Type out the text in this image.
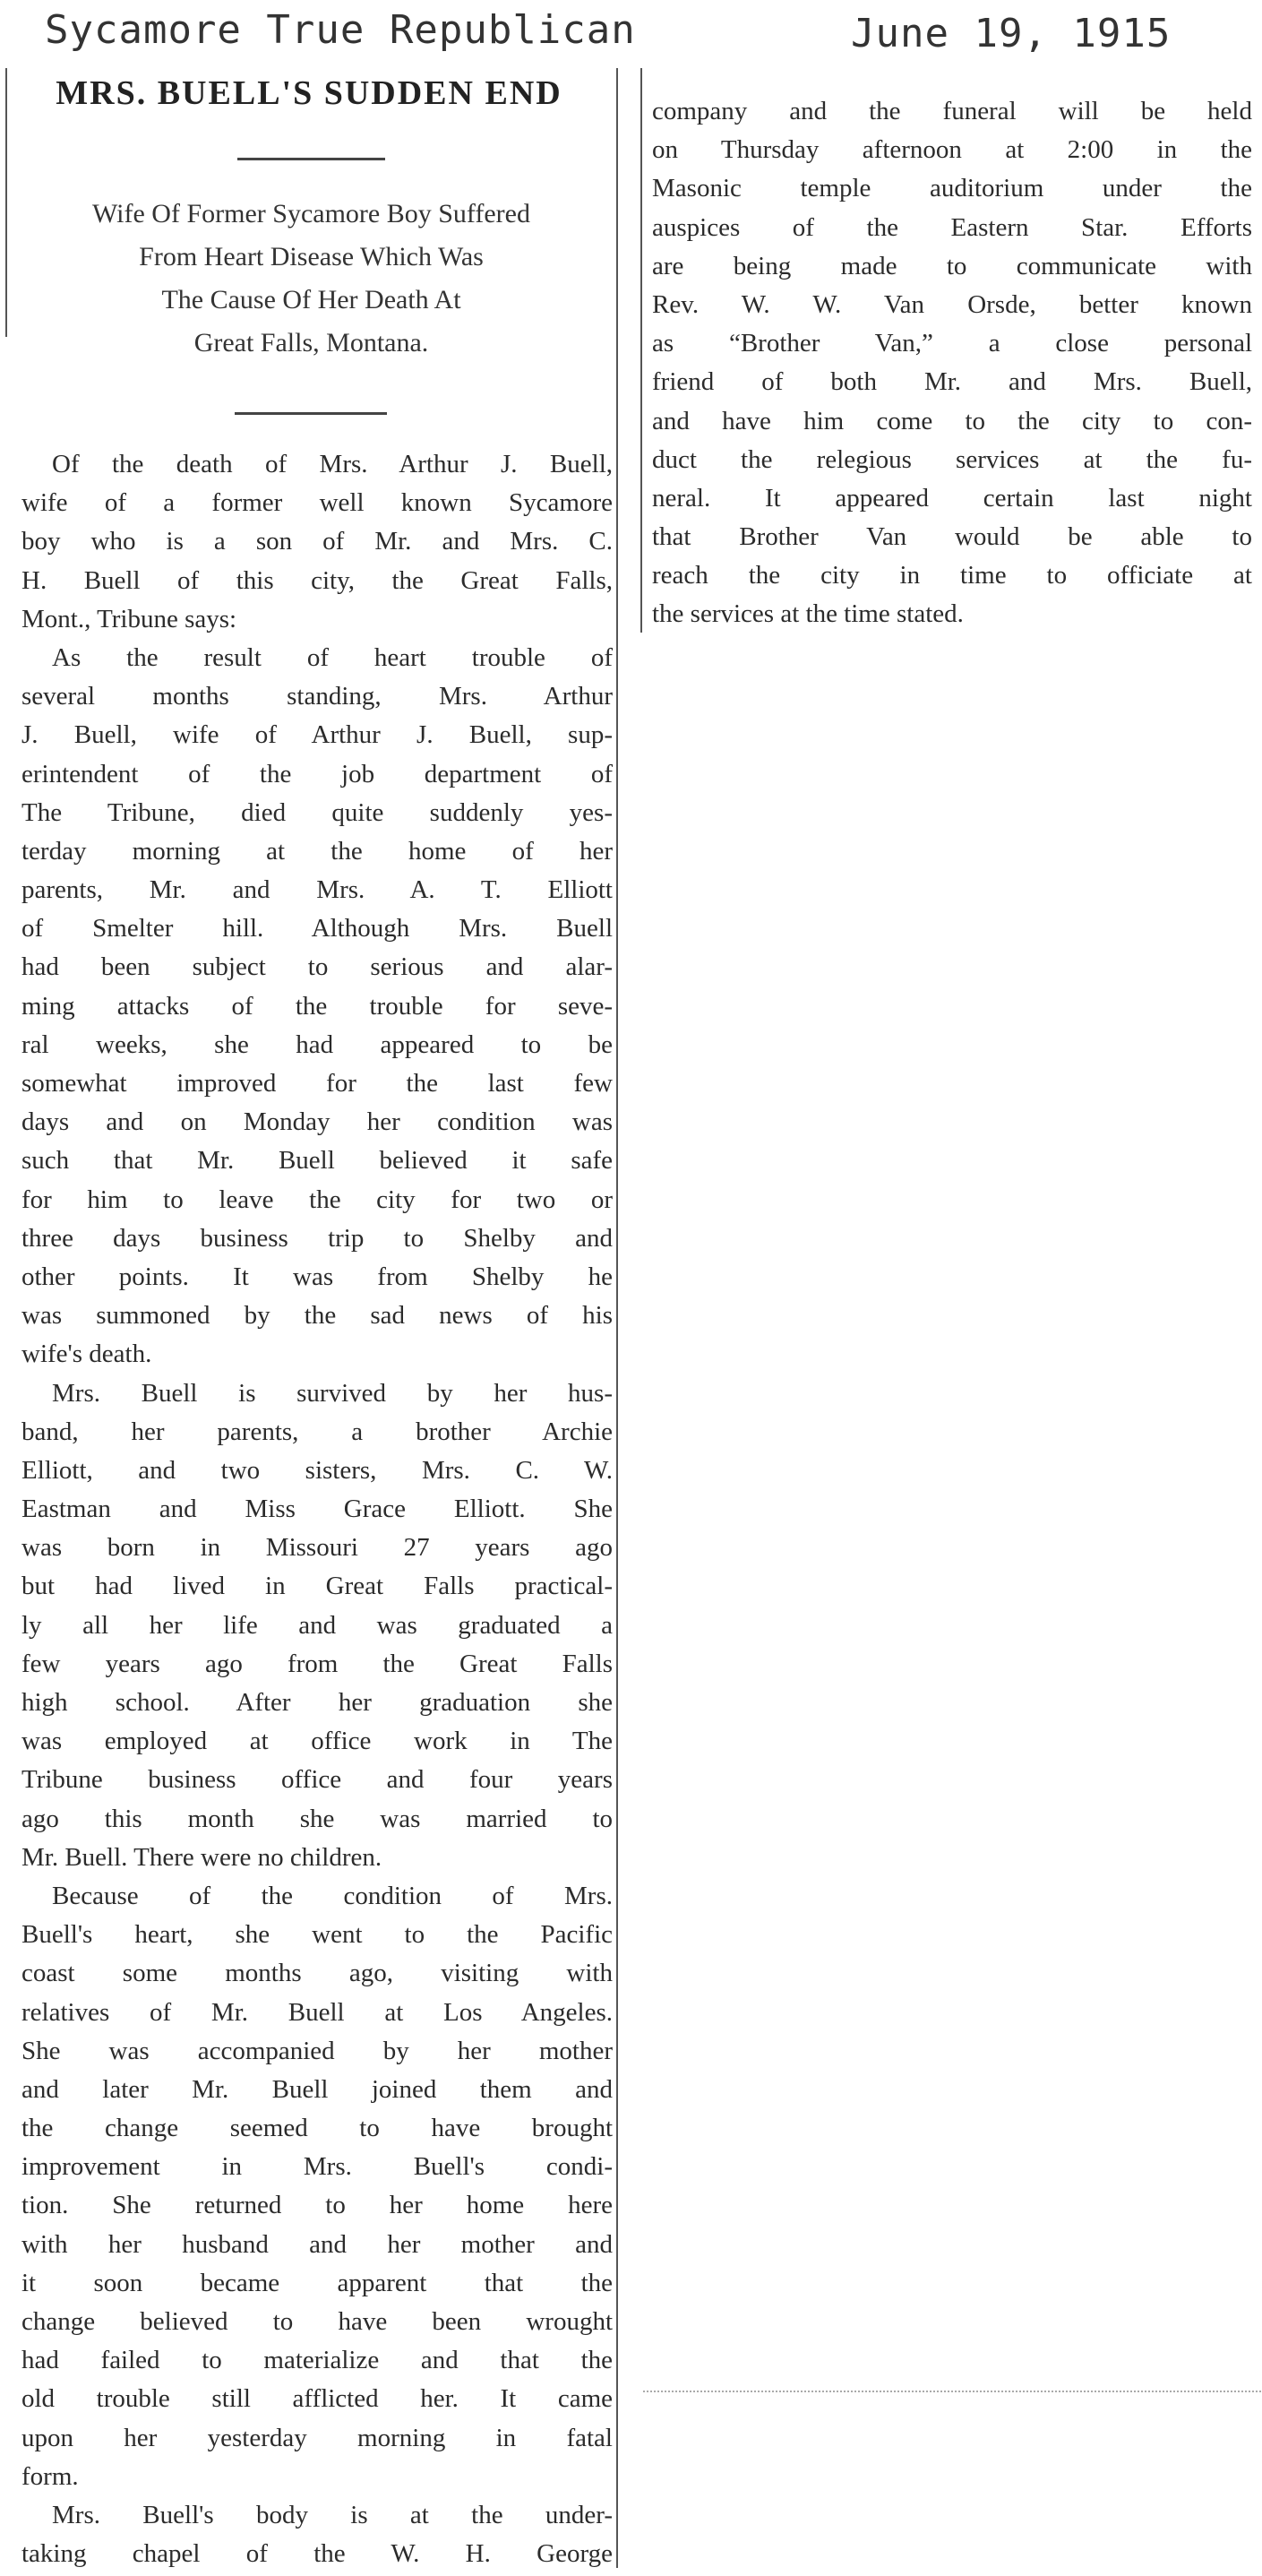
Sycamore True Republican	June 19, 1915
MRS. BUELL'S SUDDEN END
Wife Of Former Sycamore Boy Suffered
From Heart Disease Which Was
The Cause Of Her Death At
Great Falls, Montana.

Of the death of Mrs. Arthur J. Buell,
wife of a former well known Sycamore
boy who is a son of Mr. and Mrs. C.
H. Buell of this city, the Great Falls,
Mont., Tribune says:

As the result of heart trouble of
several months standing, Mrs. Arthur
J. Buell, wife of Arthur J. Buell, sup-
erintendent of the job department of
The Tribune, died quite suddenly yes-
terday morning at the home of her
parents, Mr. and Mrs. A. T. Elliott
of Smelter hill. Although Mrs. Buell
had been subject to serious and alar-
ming attacks of the trouble for seve-
ral weeks, she had appeared to be
somewhat improved for the last few
days and on Monday her condition was
such that Mr. Buell believed it safe
for him to leave the city for two or
three days business trip to Shelby and
other points. It was from Shelby he
was summoned by the sad news of his
wife's death.

Mrs. Buell is survived by her hus-
band, her parents, a brother Archie
Elliott, and two sisters, Mrs. C. W.
Eastman and Miss Grace Elliott. She
was born in Missouri 27 years ago
but had lived in Great Falls practical-
ly all her life and was graduated a
few years ago from the Great Falls
high school. After her graduation she
was employed at office work in The
Tribune business office and four years
ago this month she was married to
Mr. Buell. There were no children.

Because of the condition of Mrs.
Buell's heart, she went to the Pacific
coast some months ago, visiting with
relatives of Mr. Buell at Los Angeles.
She was accompanied by her mother
and later Mr. Buell joined them and
the change seemed to have brought
improvement in Mrs. Buell's condi-
tion. She returned to her home here
with her husband and her mother and
it soon became apparent that the
change believed to have been wrought
had failed to materialize and that the
old trouble still afflicted her. It came
upon her yesterday morning in fatal
form.

Mrs. Buell's body is at the under-
taking chapel of the W. H. George

company and the funeral will be held
on Thursday afternoon at 2:00 in the
Masonic temple auditorium under the
auspices of the Eastern Star. Efforts
are being made to communicate with
Rev. W. W. Van Orsde, better known
as “Brother Van,” a close personal
friend of both Mr. and Mrs. Buell,
and have him come to the city to con-
duct the relegious services at the fu-
neral. It appeared certain last night
that Brother Van would be able to
reach the city in time to officiate at
the services at the time stated.
